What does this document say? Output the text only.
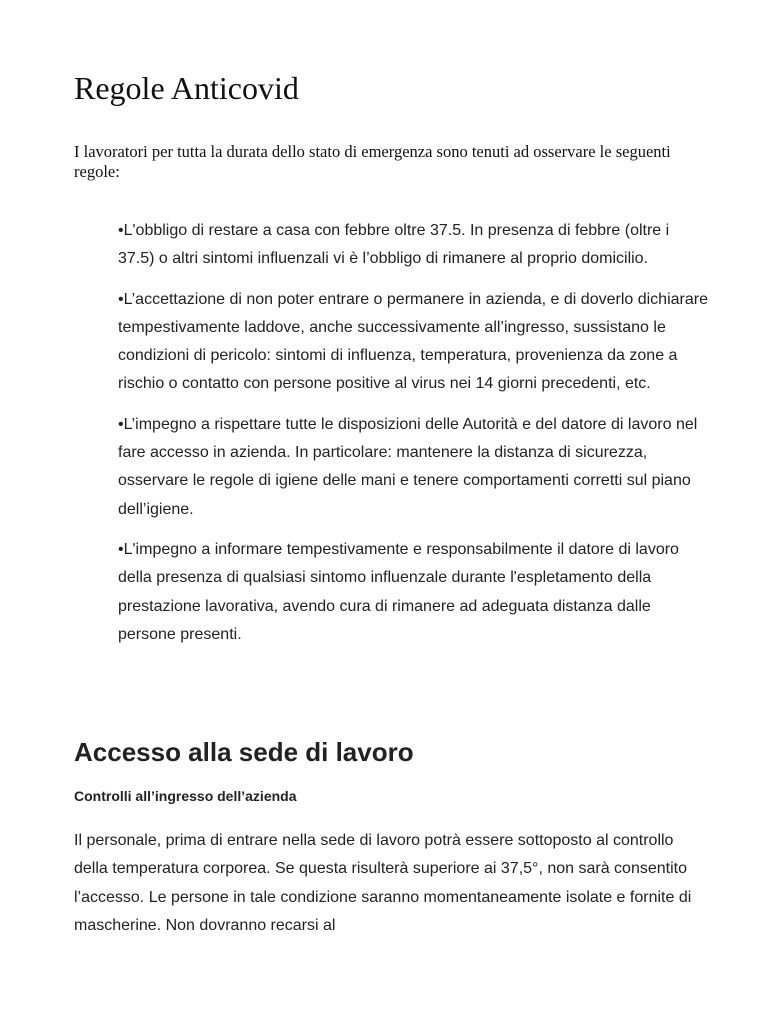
Regole Anticovid

I lavoratori per tutta la durata dello stato di emergenza sono tenuti ad osservare le seguenti regole:

•L'obbligo di restare a casa con febbre oltre 37.5. In presenza di febbre (oltre i 37.5) o altri sintomi influenzali vi è l’obbligo di rimanere al proprio domicilio.
•L’accettazione di non poter entrare o permanere in azienda, e di doverlo dichiarare tempestivamente laddove, anche successivamente all’ingresso, sussistano le condizioni di pericolo: sintomi di influenza, temperatura, provenienza da zone a rischio o contatto con persone positive al virus nei 14 giorni precedenti, etc.
•L’impegno a rispettare tutte le disposizioni delle Autorità e del datore di lavoro nel fare accesso in azienda. In particolare: mantenere la distanza di sicurezza, osservare le regole di igiene delle mani e tenere comportamenti corretti sul piano dell’igiene.
•L'impegno a informare tempestivamente e responsabilmente il datore di lavoro della presenza di qualsiasi sintomo influenzale durante l'espletamento della prestazione lavorativa, avendo cura di rimanere ad adeguata distanza dalle persone presenti.
Accesso alla sede di lavoro
Controlli all’ingresso dell’azienda

Il personale, prima di entrare nella sede di lavoro potrà essere sottoposto al controllo della temperatura corporea. Se questa risulterà superiore ai 37,5°, non sarà consentito l’accesso. Le persone in tale condizione saranno momentaneamente isolate e fornite di mascherine. Non dovranno recarsi al
